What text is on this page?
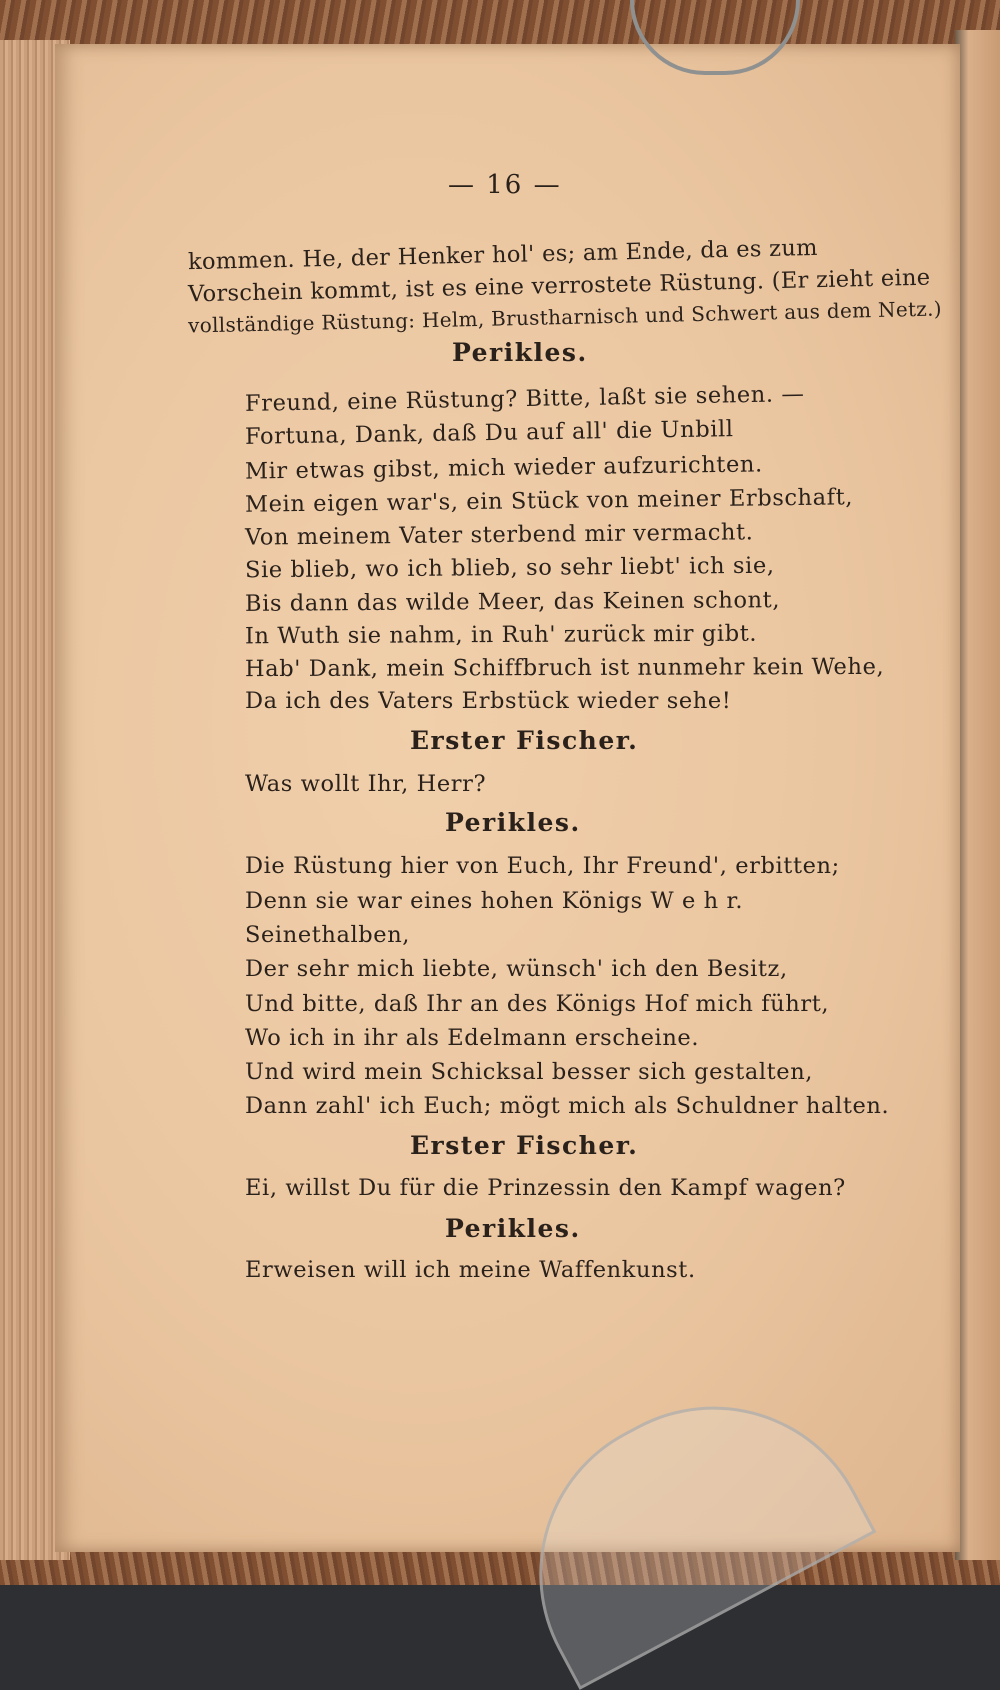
— 16 —
kommen. He, der Henker hol' es; am Ende, da es zum
Vorschein kommt, ist es eine verrostete Rüstung. (Er zieht eine
vollständige Rüstung: Helm, Brustharnisch und Schwert aus dem Netz.)
Perikles.
Freund, eine Rüstung? Bitte, laßt sie sehen. —
Fortuna, Dank, daß Du auf all' die Unbill
Mir etwas gibst, mich wieder aufzurichten.
Mein eigen war's, ein Stück von meiner Erbschaft,
Von meinem Vater sterbend mir vermacht.
Sie blieb, wo ich blieb, so sehr liebt' ich sie,
Bis dann das wilde Meer, das Keinen schont,
In Wuth sie nahm, in Ruh' zurück mir gibt.
Hab' Dank, mein Schiffbruch ist nunmehr kein Wehe,
Da ich des Vaters Erbstück wieder sehe!
Erster Fischer.
Was wollt Ihr, Herr?
Perikles.
Die Rüstung hier von Euch, Ihr Freund', erbitten;
Denn sie war eines hohen Königs W e h r.
Seinethalben,
Der sehr mich liebte, wünsch' ich den Besitz,
Und bitte, daß Ihr an des Königs Hof mich führt,
Wo ich in ihr als Edelmann erscheine.
Und wird mein Schicksal besser sich gestalten,
Dann zahl' ich Euch; mögt mich als Schuldner halten.
Erster Fischer.
Ei, willst Du für die Prinzessin den Kampf wagen?
Perikles.
Erweisen will ich meine Waffenkunst.
